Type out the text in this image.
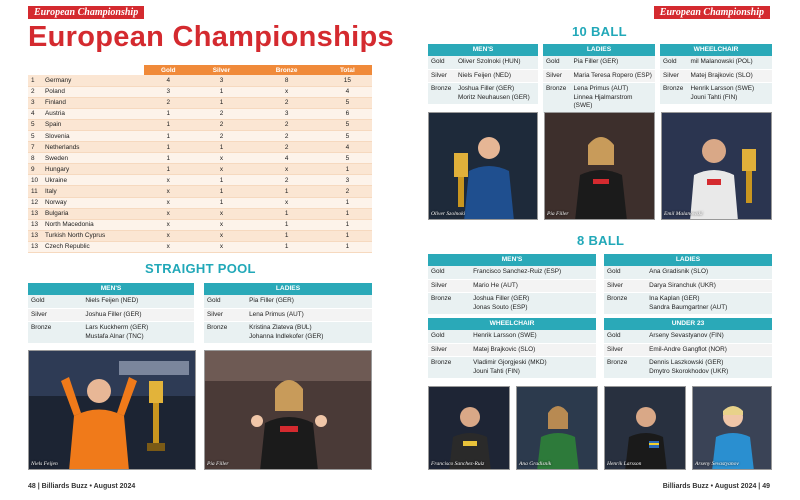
European Championship
European Championships
		Gold	Silver	Bronze	Total
1	Germany	4	3	8	15
2	Poland	3	1	x	4
3	Finland	2	1	2	5
4	Austria	1	2	3	6
5	Spain	1	2	2	5
5	Slovenia	1	2	2	5
7	Netherlands	1	1	2	4
8	Sweden	1	x	4	5
9	Hungary	1	x	x	1
10	Ukraine	x	1	2	3
11	Italy	x	1	1	2
12	Norway	x	1	x	1
13	Bulgaria	x	x	1	1
13	North Macedonia	x	x	1	1
13	Turkish North Cyprus	x	x	1	1
13	Czech Republic	x	x	1	1
STRAIGHT POOL
MEN'S
Gold	Niels Feijen (NED)
Silver	Joshua Filler (GER)
Bronze	Lars Kuckherm (GER)
Mustafa Alnar (TNC)
LADIES
Gold	Pia Filler (GER)
Silver	Lena Primus (AUT)
Bronze	Kristina Zlateva (BUL)
Johanna Indlekofer (GER)
Niels Feijen	Pia Filler
48 | Billiards Buzz • August 2024
European Championship
10 BALL
MEN'S
Gold	Oliver Szolnoki (HUN)
Silver	Niels Feijen (NED)
Bronze	Joshua Filler (GER)
Moritz Neuhausen (GER)
LADIES
Gold	Pia Filler (GER)
Silver	Maria Teresa Ropero (ESP)
Bronze	Lena Primus (AUT)
Linnea Hjalmarstrom (SWE)
WHEELCHAIR
Gold	mil Malanowski (POL)
Silver	Matej Brajkovic (SLO)
Bronze	Henrik Larsson (SWE)
Jouni Tahti (FIN)
Oliver Szolnoki	Pia Filler	Emil Malanowski
8 BALL
MEN'S
Gold	Francisco Sanchez-Ruiz (ESP)
Silver	Mario He (AUT)
Bronze	Joshua Filler (GER)
Jonas Souto (ESP)
LADIES
Gold	Ana Gradisnik (SLO)
Silver	Darya Siranchuk (UKR)
Bronze	Ina Kaplan (GER)
Sandra Baumgartner (AUT)
WHEELCHAIR
Gold	Henrik Larsson (SWE)
Silver	Matej Brajkovic (SLO)
Bronze	Vladimir Gjorgjeski (MKD)
Jouni Tahti (FIN)
UNDER 23
Gold	Arseny Sevastyanov (FIN)
Silver	Emil-Andre Gangflot (NOR)
Bronze	Dennis Laszkowski (GER)
Dmytro Skorokhodov (UKR)
Francisco Sanchez-Ruiz	Ana Gradisnik	Henrik Larsson	Arseny Sevastyanov
Billiards Buzz • August 2024 | 49
